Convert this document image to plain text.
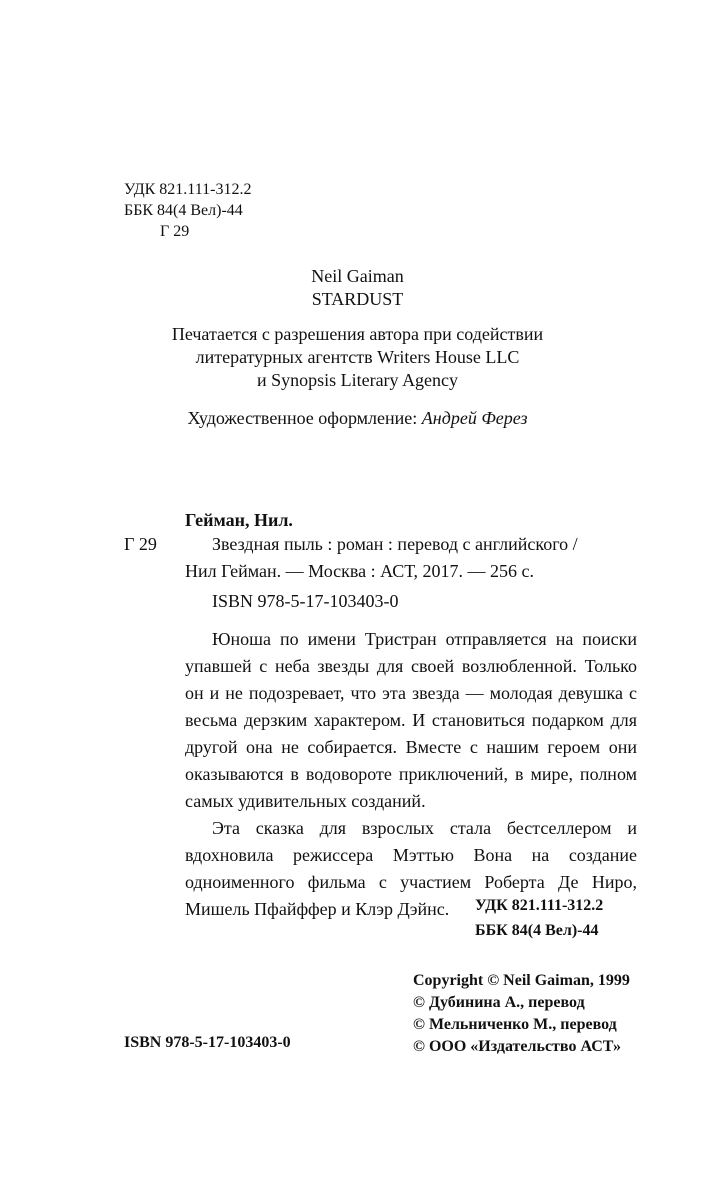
УДК 821.111-312.2
ББК 84(4 Вел)-44
Г 29
Neil Gaiman
STARDUST
Печатается с разрешения автора при содействии
литературных агентств Writers House LLC
и Synopsis Literary Agency
Художественное оформление: Андрей Ферез
Гейман, Нил.
Г 29	Звездная пыль : роман : перевод с английского /
Нил Гейман. — Москва : АСТ, 2017. — 256 с.
ISBN 978-5-17-103403-0

Юноша по имени Тристран отправляется на поиски упавшей с неба звезды для своей возлюбленной. Только он и не подозревает, что эта звезда — молодая девушка с весьма дерзким характером. И становиться подарком для другой она не собирается. Вместе с нашим героем они оказываются в водовороте приключений, в мире, полном самых удивительных созданий.

Эта сказка для взрослых стала бестселлером и вдохновила режиссера Мэттью Вона на создание одноименного фильма с участием Роберта Де Ниро, Мишель Пфайффер и Клэр Дэйнс.	УДК 821.111-312.2
ББК 84(4 Вел)-44
Copyright © Neil Gaiman, 1999
© Дубинина А., перевод
© Мельниченко М., перевод
© ООО «Издательство АСТ»
ISBN 978-5-17-103403-0
